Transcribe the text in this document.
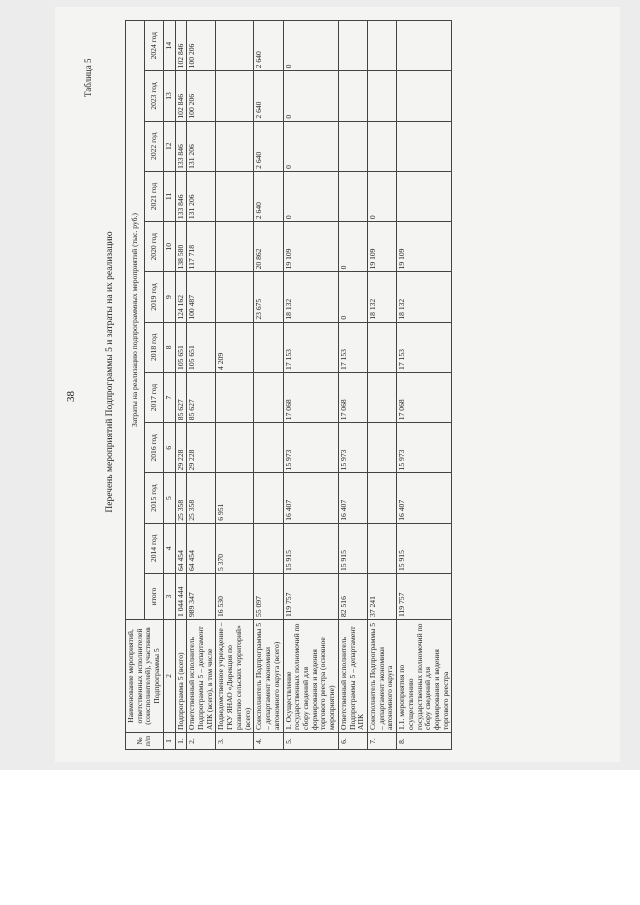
38
Таблица 5
Перечень мероприятий Подпрограммы 5 и затраты на их реализацию
№ п/п	Наименование мероприятий, ответственных исполнителей (соисполнителей), участников Подпрограммы 5	Затраты на реализацию подпрограммных мероприятий (тыс. руб.)											
		итого	2014 год	2015 год	2016 год	2017 год	2018 год	2019 год	2020 год	2021 год	2022 год	2023 год	2024 год
1	2	3	4	5	6	7	8	9	10	11	12	13	14
1.	Подпрограмма 5 (всего)	1 044 444	64 454	25 358	29 228	85 627	105 651	124 162	138 580	133 846	133 846	102 846	102 846
2.	Ответственный исполнитель Подпрограммы 5 – департамент АПК (всего), в том числе	989 347	64 454	25 358	29 228	85 627	105 651	100 487	117 718	131 206	131 206	100 206	100 206
3.	Подведомственное учреждение – ГКУ ЯНАО «Дирекция по развитию сельских территорий» (всего)	16 530	5 370	6 951			4 209						
4.	Соисполнитель Подпрограммы 5 – департамент экономики автономного округа (всего)	55 097						23 675	20 862	2 640	2 640	2 640	2 640
5.	1. Осуществление государственных полномочий по сбору сведений для формирования и ведения торгового реестра (основное мероприятие)	119 757	15 915	16 407	15 973	17 068	17 153	18 132	19 109	0	0	0	0
6.	Ответственный исполнитель Подпрограммы 5 – департамент АПК	82 516	15 915	16 407	15 973	17 068	17 153	0	0				
7.	Соисполнитель Подпрограммы 5 – департамент экономики автономного округа	37 241						18 132	19 109	0			
8.	1.1. мероприятия по осуществлению государственных полномочий по сбору сведений для формирования и ведения торгового реестра	119 757	15 915	16 407	15 973	17 068	17 153	18 132	19 109				
